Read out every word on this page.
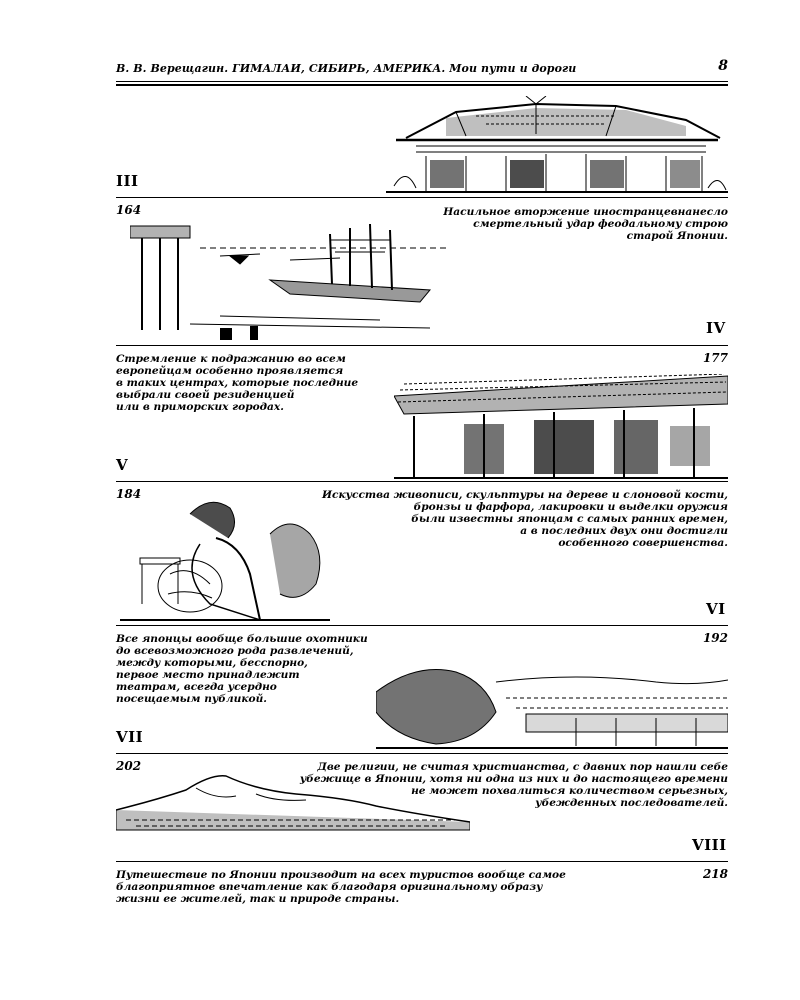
В. В. Верещагин. ГИМАЛАИ, СИБИРЬ, АМЕРИКА. Мои пути и дороги	8
III
164	Насильное вторжение иностранцевнанесло
смертельный удар феодальному строю
старой Японии.
IV
Стремление к подражанию во всем
европейцам особенно проявляется
в таких центрах, которые последние
выбрали своей резиденцией
или в приморских городах.
177
V
184	Искусства живописи, скульптуры на дереве и слоновой кости,
бронзы и фарфора, лакировки и выделки оружия
были известны японцам с самых ранних времен,
а в последних двух они достигли
особенного совершенства.
VI
Все японцы вообще большие охотники
до всевозможного рода развлечений,
между которыми, бесспорно,
первое место принадлежит
театрам, всегда усердно
посещаемым публикой.
192
VII
202	Две религии, не считая христианства, с давних пор нашли себе
убежище в Японии, хотя ни одна из них и до настоящего времени
не может похвалиться количеством серьезных,
убежденных последователей.
VIII
Путешествие по Японии производит на всех туристов вообще самое
благоприятное впечатление как благодаря оригинальному образу
жизни ее жителей, так и природе страны.
218
